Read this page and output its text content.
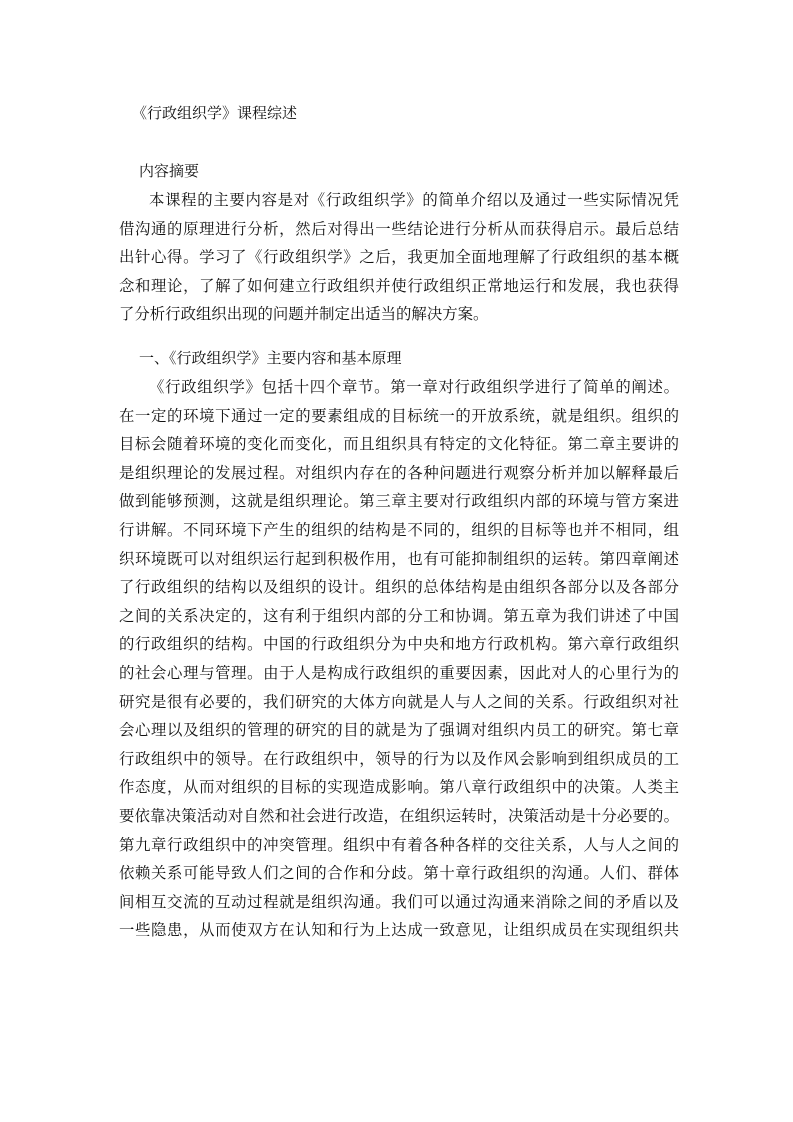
《行政组织学》课程综述
内容摘要
本课程的主要内容是对《行政组织学》的简单介绍以及通过一些实际情况凭
借沟通的原理进行分析，然后对得出一些结论进行分析从而获得启示。最后总结
出针心得。学习了《行政组织学》之后，我更加全面地理解了行政组织的基本概
念和理论，了解了如何建立行政组织并使行政组织正常地运行和发展，我也获得
了分析行政组织出现的问题并制定出适当的解决方案。
一、《行政组织学》主要内容和基本原理
《行政组织学》包括十四个章节。第一章对行政组织学进行了简单的阐述。
在一定的环境下通过一定的要素组成的目标统一的开放系统，就是组织。组织的
目标会随着环境的变化而变化，而且组织具有特定的文化特征。第二章主要讲的
是组织理论的发展过程。对组织内存在的各种问题进行观察分析并加以解释最后
做到能够预测，这就是组织理论。第三章主要对行政组织内部的环境与管方案进
行讲解。不同环境下产生的组织的结构是不同的，组织的目标等也并不相同，组
织环境既可以对组织运行起到积极作用，也有可能抑制组织的运转。第四章阐述
了行政组织的结构以及组织的设计。组织的总体结构是由组织各部分以及各部分
之间的关系决定的，这有利于组织内部的分工和协调。第五章为我们讲述了中国
的行政组织的结构。中国的行政组织分为中央和地方行政机构。第六章行政组织
的社会心理与管理。由于人是构成行政组织的重要因素，因此对人的心里行为的
研究是很有必要的，我们研究的大体方向就是人与人之间的关系。行政组织对社
会心理以及组织的管理的研究的目的就是为了强调对组织内员工的研究。第七章
行政组织中的领导。在行政组织中，领导的行为以及作风会影响到组织成员的工
作态度，从而对组织的目标的实现造成影响。第八章行政组织中的决策。人类主
要依靠决策活动对自然和社会进行改造，在组织运转时，决策活动是十分必要的。
第九章行政组织中的冲突管理。组织中有着各种各样的交往关系，人与人之间的
依赖关系可能导致人们之间的合作和分歧。第十章行政组织的沟通。人们、群体
间相互交流的互动过程就是组织沟通。我们可以通过沟通来消除之间的矛盾以及
一些隐患，从而使双方在认知和行为上达成一致意见，让组织成员在实现组织共
